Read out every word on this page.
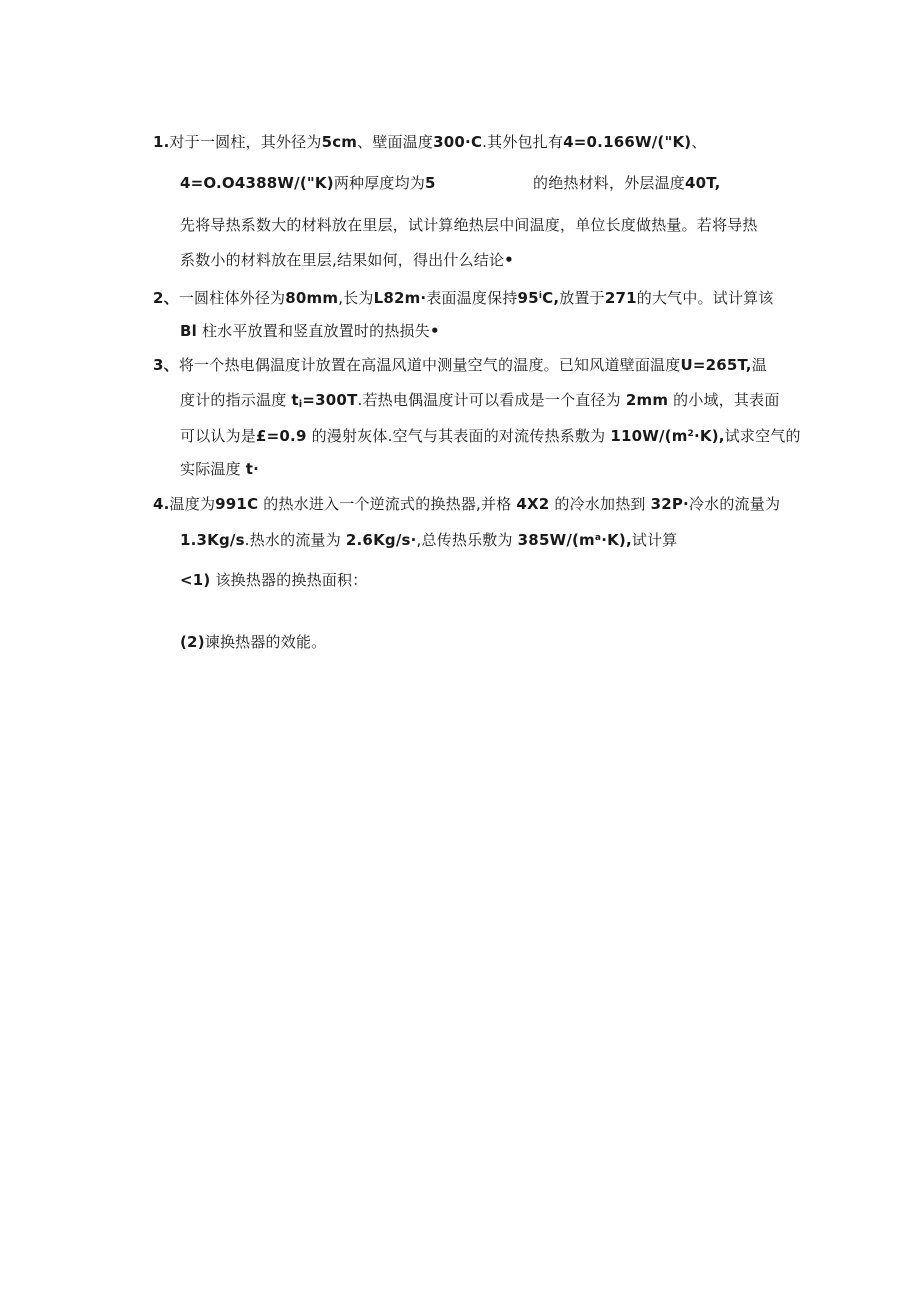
1.对于一圆柱，其外径为5cm、壁面温度300·C.其外包扎有4=0.166W/("K)、
4=O.O4388W/("K)两种厚度均为5	的绝热材料，外层温度40T,
先将导热系数大的材料放在里层，试计算绝热层中间温度，单位长度做热量。若将导热
系数小的材料放在里层,结果如何，得出什么结论•
2、一圆柱体外径为80mm,长为L82m·表面温度保持95$^i$C,放置于271的大气中。试计算该
Bl 柱水平放置和竖直放置时的热损失•
3、将一个热电偶温度计放置在高温风道中测量空气的温度。已知风道壁面温度U=265T,温
度计的指示温度 $t_i=300T$.若热电偶温度计可以看成是一个直径为 2mm 的小域，其表面
可以认为是£=0.9 的漫射灰体.空气与其表面的对流传热系敷为 $110W/(m^2\cdot K)$,试求空气的
实际温度 t·
4.温度为991C 的热水进入一个逆流式的换热器,并格 4X2 的冷水加热到 32P·冷水的流量为
1.3Kg/s.热水的流量为 2.6Kg/s·,总传热乐敷为 $385W/(m^a\cdot K)$,试计算
<1) 该换热器的换热面积：
(2)谏换热器的效能。
